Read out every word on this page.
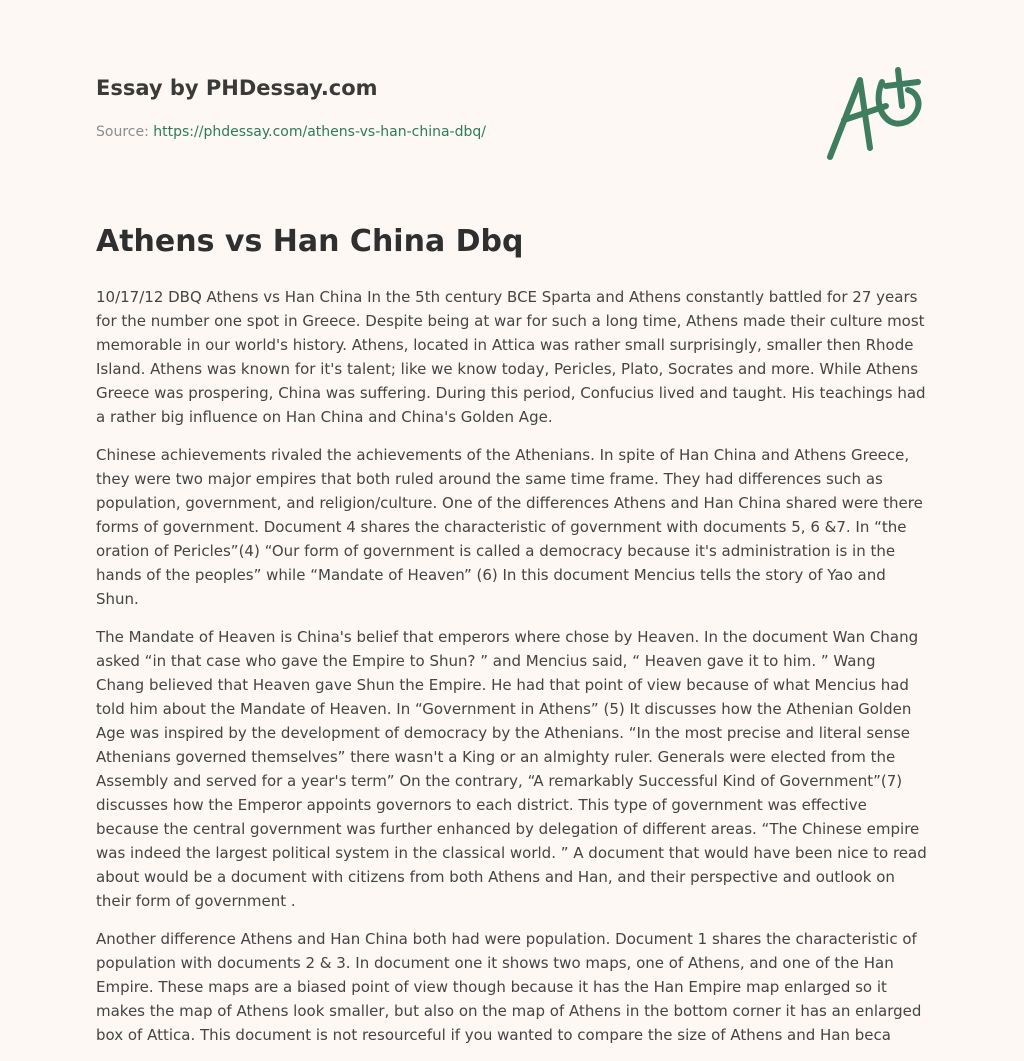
Essay by PHDessay.com
Source: https://phdessay.com/athens-vs-han-china-dbq/
Athens vs Han China Dbq

10/17/12 DBQ Athens vs Han China In the 5th century BCE Sparta and Athens constantly battled for 27 years for the number one spot in Greece. Despite being at war for such a long time, Athens made their culture most memorable in our world's history. Athens, located in Attica was rather small surprisingly, smaller then Rhode Island. Athens was known for it's talent; like we know today, Pericles, Plato, Socrates and more. While Athens Greece was prospering, China was suffering. During this period, Confucius lived and taught. His teachings had a rather big influence on Han China and China's Golden Age.

Chinese achievements rivaled the achievements of the Athenians. In spite of Han China and Athens Greece, they were two major empires that both ruled around the same time frame. They had differences such as population, government, and religion/culture. One of the differences Athens and Han China shared were there forms of government. Document 4 shares the characteristic of government with documents 5, 6 &7. In “the oration of Pericles”(4) “Our form of government is called a democracy because it's administration is in the hands of the peoples” while “Mandate of Heaven” (6) In this document Mencius tells the story of Yao and Shun.

The Mandate of Heaven is China's belief that emperors where chose by Heaven. In the document Wan Chang asked “in that case who gave the Empire to Shun? ” and Mencius said, “ Heaven gave it to him. ” Wang Chang believed that Heaven gave Shun the Empire. He had that point of view because of what Mencius had told him about the Mandate of Heaven. In “Government in Athens” (5) It discusses how the Athenian Golden Age was inspired by the development of democracy by the Athenians. “In the most precise and literal sense Athenians governed themselves” there wasn't a King or an almighty ruler. Generals were elected from the Assembly and served for a year's term” On the contrary, “A remarkably Successful Kind of Government”(7) discusses how the Emperor appoints governors to each district. This type of government was effective because the central government was further enhanced by delegation of different areas. “The Chinese empire was indeed the largest political system in the classical world. ” A document that would have been nice to read about would be a document with citizens from both Athens and Han, and their perspective and outlook on their form of government .

Another difference Athens and Han China both had were population. Document 1 shares the characteristic of population with documents 2 & 3. In document one it shows two maps, one of Athens, and one of the Han Empire. These maps are a biased point of view though because it has the Han Empire map enlarged so it makes the map of Athens look smaller, but also on the map of Athens in the bottom corner it has an enlarged box of Attica. This document is not resourceful if you wanted to compare the size of Athens and Han beca
